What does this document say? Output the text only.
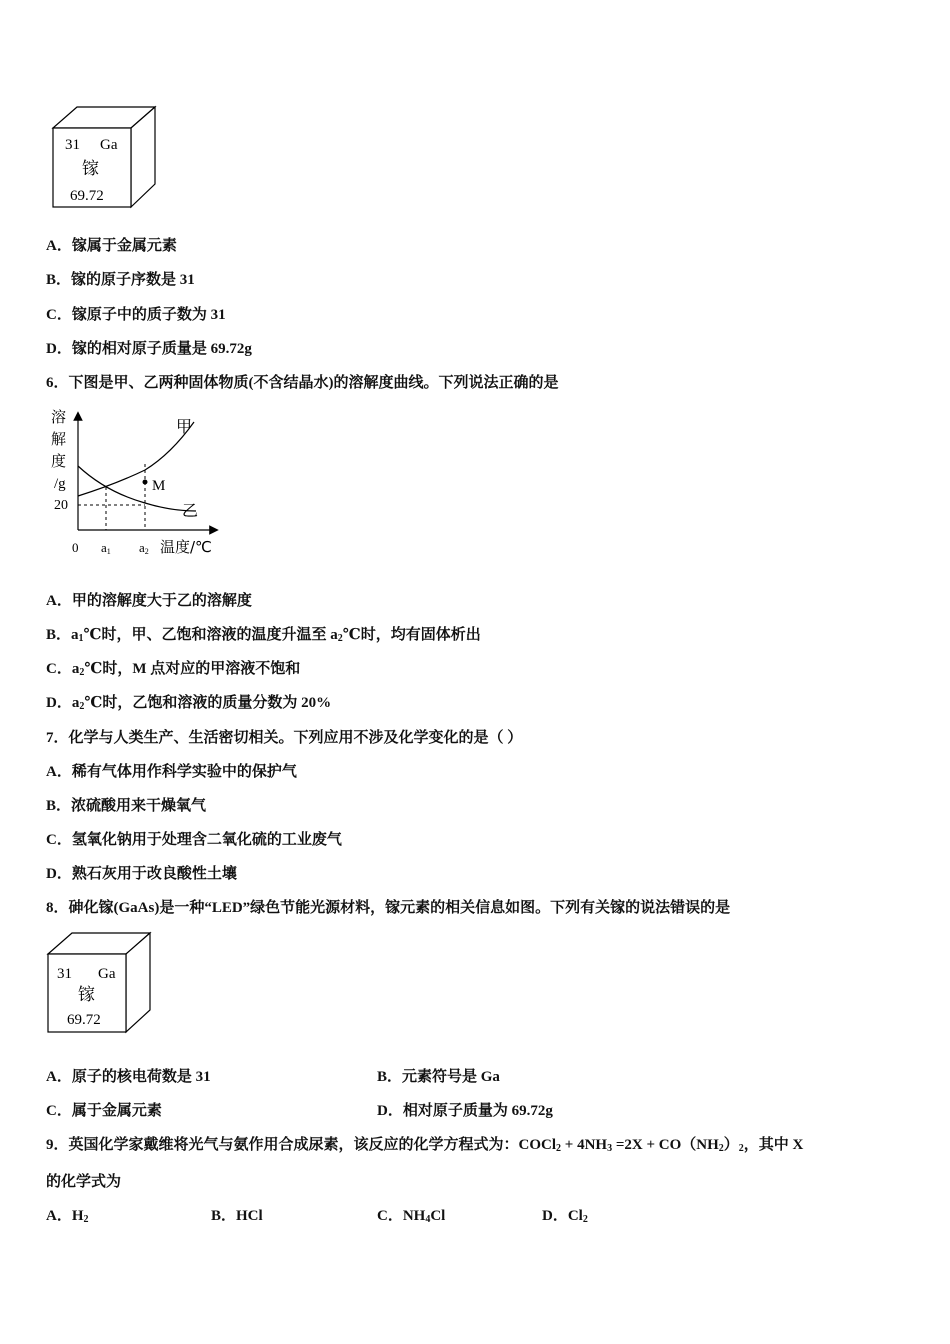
31 Ga
镓
69.72
A．镓属于金属元素
B．镓的原子序数是 31
C．镓原子中的质子数为 31
D．镓的相对原子质量是 69.72g
6．下图是甲、乙两种固体物质(不含结晶水)的溶解度曲线。下列说法正确的是
溶
解
度
/g
20
0 a1 a2 温度/℃
M
甲
乙
A．甲的溶解度大于乙的溶解度
B．$a_1℃$时，甲、乙饱和溶液的温度升温至 $a_2℃$时，均有固体析出
C．$a_2℃$时，M 点对应的甲溶液不饱和
D．$a_2℃$时，乙饱和溶液的质量分数为 20%
7．化学与人类生产、生活密切相关。下列应用不涉及化学变化的是（ ）
A．稀有气体用作科学实验中的保护气
B．浓硫酸用来干燥氧气
C．氢氧化钠用于处理含二氧化硫的工业废气
D．熟石灰用于改良酸性土壤
8．砷化镓(GaAs)是一种“LED”绿色节能光源材料，镓元素的相关信息如图。下列有关镓的说法错误的是
31 Ga
镓
69.72
A．原子的核电荷数是 31	B．元素符号是 Ga
C．属于金属元素	D．相对原子质量为 69.72g
9．英国化学家戴维将光气与氨作用合成尿素，该反应的化学方程式为：COCl$_2$ + $4NH_3 =2X + CO(NH_2)_2$，其中 X
的化学式为
A．$H_2$	B．HCl	C．$NH_4Cl$	D．$Cl_2$
